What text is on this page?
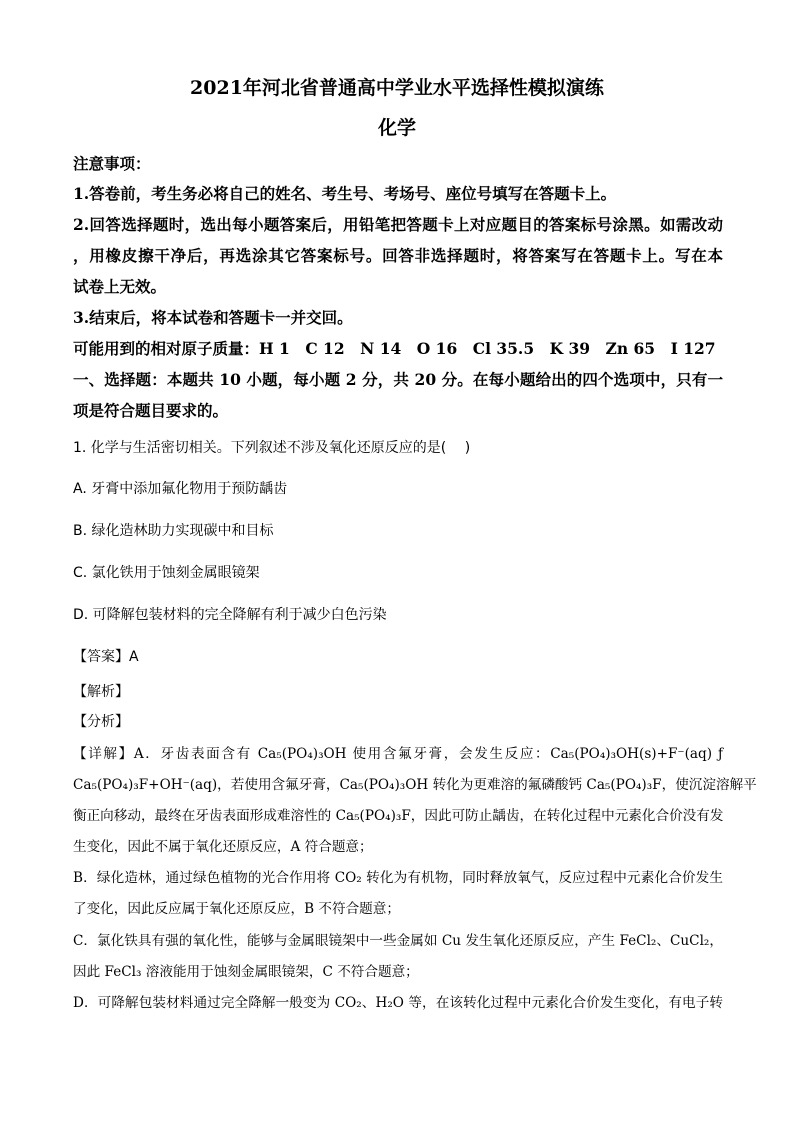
2021年河北省普通高中学业水平选择性模拟演练
化学
注意事项：
1.答卷前，考生务必将自己的姓名、考生号、考场号、座位号填写在答题卡上。
2.回答选择题时，选出每小题答案后，用铅笔把答题卡上对应题目的答案标号涂黑。如需改动
，用橡皮擦干净后，再选涂其它答案标号。回答非选择题时，将答案写在答题卡上。写在本
试卷上无效。
3.结束后，将本试卷和答题卡一并交回。
可能用到的相对原子质量：H 1　C 12　N 14　O 16　Cl 35.5　K 39　Zn 65　I 127
一、选择题：本题共 10 小题，每小题 2 分，共 20 分。在每小题给出的四个选项中，只有一
项是符合题目要求的。
1. 化学与生活密切相关。下列叙述不涉及氧化还原反应的是(　 )
A. 牙膏中添加氟化物用于预防龋齿
B. 绿化造林助力实现碳中和目标
C. 氯化铁用于蚀刻金属眼镜架
D. 可降解包装材料的完全降解有利于减少白色污染
【答案】A
【解析】
【分析】
【详解】A．牙齿表面含有 Ca₅(PO₄)₃OH 使用含氟牙膏，会发生反应：Ca₅(PO₄)₃OH(s)+F⁻(aq) ƒ
Ca₅(PO₄)₃F+OH⁻(aq)，若使用含氟牙膏，Ca₅(PO₄)₃OH 转化为更难溶的氟磷酸钙 Ca₅(PO₄)₃F，使沉淀溶解平
衡正向移动，最终在牙齿表面形成难溶性的 Ca₅(PO₄)₃F，因此可防止龋齿，在转化过程中元素化合价没有发
生变化，因此不属于氧化还原反应，A 符合题意；
B．绿化造林，通过绿色植物的光合作用将 CO₂ 转化为有机物，同时释放氧气，反应过程中元素化合价发生
了变化，因此反应属于氧化还原反应，B 不符合题意；
C．氯化铁具有强的氧化性，能够与金属眼镜架中一些金属如 Cu 发生氧化还原反应，产生 FeCl₂、CuCl₂，
因此 FeCl₃ 溶液能用于蚀刻金属眼镜架，C 不符合题意；
D．可降解包装材料通过完全降解一般变为 CO₂、H₂O 等，在该转化过程中元素化合价发生变化，有电子转
